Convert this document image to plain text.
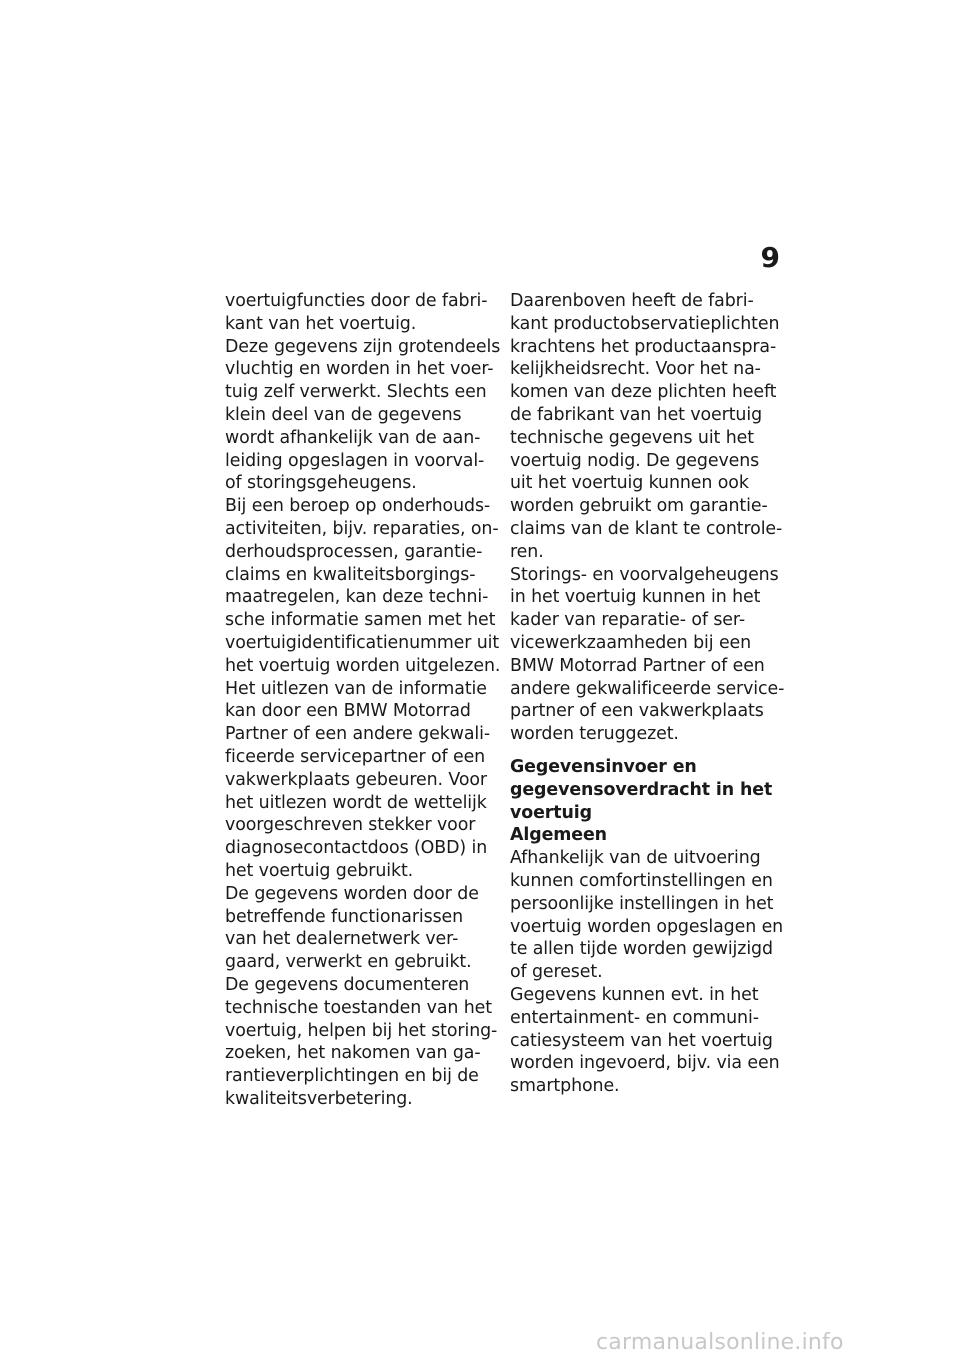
9
voertuigfuncties door de fabri-
kant van het voertuig.
Deze gegevens zijn grotendeels
vluchtig en worden in het voer-
tuig zelf verwerkt. Slechts een
klein deel van de gegevens
wordt afhankelijk van de aan-
leiding opgeslagen in voorval-
of storingsgeheugens.
Bij een beroep op onderhouds-
activiteiten, bijv. reparaties, on-
derhoudsprocessen, garantie-
claims en kwaliteitsborgings-
maatregelen, kan deze techni-
sche informatie samen met het
voertuigidentificatienummer uit
het voertuig worden uitgelezen.
Het uitlezen van de informatie
kan door een BMW Motorrad
Partner of een andere gekwali-
ficeerde servicepartner of een
vakwerkplaats gebeuren. Voor
het uitlezen wordt de wettelijk
voorgeschreven stekker voor
diagnosecontactdoos (OBD) in
het voertuig gebruikt.
De gegevens worden door de
betreffende functionarissen
van het dealernetwerk ver-
gaard, verwerkt en gebruikt.
De gegevens documenteren
technische toestanden van het
voertuig, helpen bij het storing-
zoeken, het nakomen van ga-
rantieverplichtingen en bij de
kwaliteitsverbetering.
Daarenboven heeft de fabri-
kant productobservatieplichten
krachtens het productaanspra-
kelijkheidsrecht. Voor het na-
komen van deze plichten heeft
de fabrikant van het voertuig
technische gegevens uit het
voertuig nodig. De gegevens
uit het voertuig kunnen ook
worden gebruikt om garantie-
claims van de klant te controle-
ren.
Storings- en voorvalgeheugens
in het voertuig kunnen in het
kader van reparatie- of ser-
vicewerkzaamheden bij een
BMW Motorrad Partner of een
andere gekwalificeerde service-
partner of een vakwerkplaats
worden teruggezet.
Gegevensinvoer en
gegevensoverdracht in het
voertuig
Algemeen
Afhankelijk van de uitvoering
kunnen comfortinstellingen en
persoonlijke instellingen in het
voertuig worden opgeslagen en
te allen tijde worden gewijzigd
of gereset.
Gegevens kunnen evt. in het
entertainment- en communi-
catiesysteem van het voertuig
worden ingevoerd, bijv. via een
smartphone.
carmanualsonline.info
